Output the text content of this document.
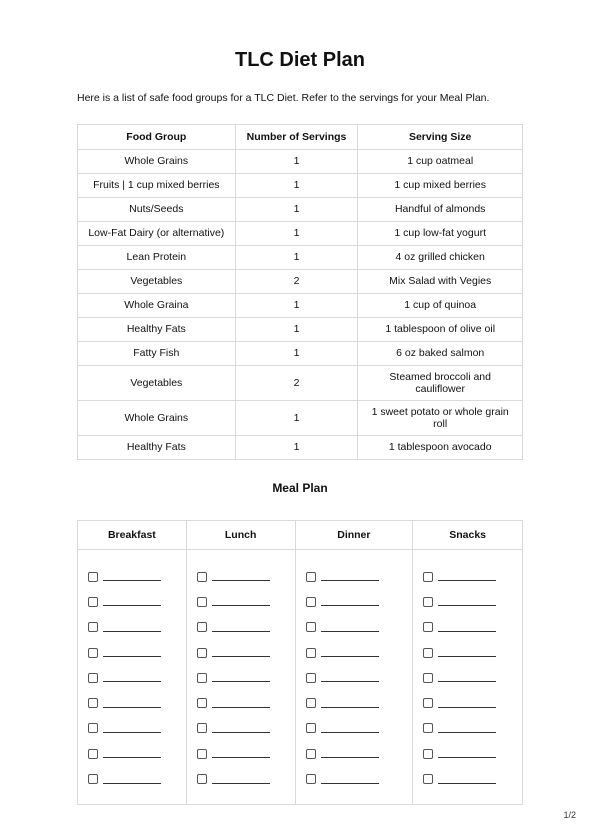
TLC Diet Plan
Here is a list of safe food groups for a TLC Diet. Refer to the servings for your Meal Plan.
Food Group	Number of Servings	Serving Size
Whole Grains	1	1 cup oatmeal
Fruits | 1 cup mixed berries	1	1 cup mixed berries
Nuts/Seeds	1	Handful of almonds
Low-Fat Dairy (or alternative)	1	1 cup low-fat yogurt
Lean Protein	1	4 oz grilled chicken
Vegetables	2	Mix Salad with Vegies
Whole Graina	1	1 cup of quinoa
Healthy Fats	1	1 tablespoon of olive oil
Fatty Fish	1	6 oz baked salmon
Vegetables	2	Steamed broccoli and cauliflower
Whole Grains	1	1 sweet potato or whole grain roll
Healthy Fats	1	1 tablespoon avocado
Meal Plan
Breakfast	Lunch	Dinner	Snacks

1/2
